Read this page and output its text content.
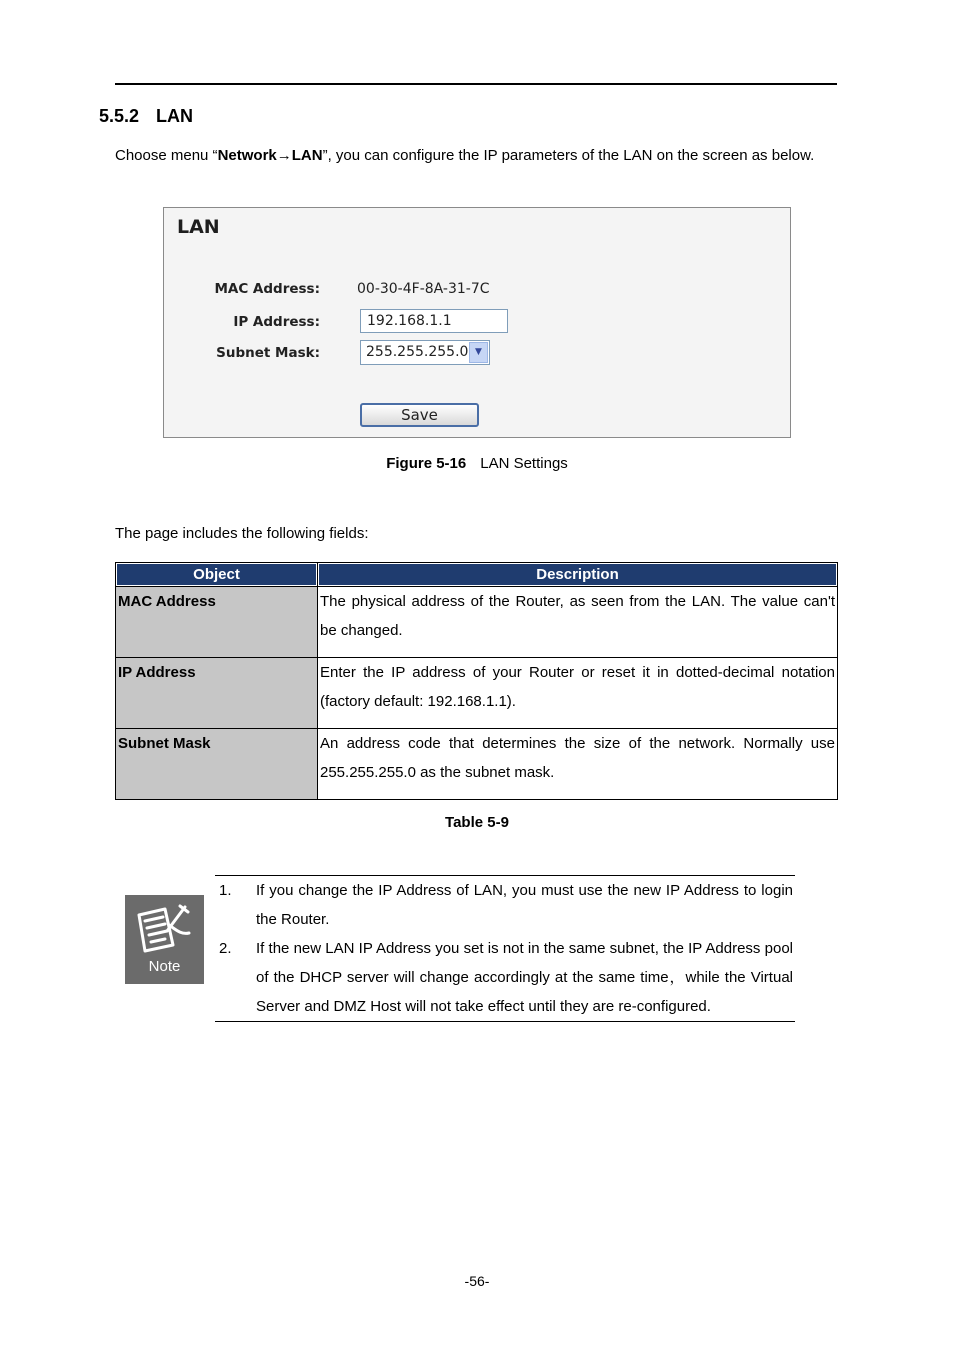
5.5.2 LAN
Choose menu “Network→LAN”, you can configure the IP parameters of the LAN on the screen as below.
LAN
MAC Address:	00-30-4F-8A-31-7C
IP Address:
192.168.1.1
Subnet Mask:	255.255.255.0 ▼
Save
Figure 5-16 LAN Settings
The page includes the following fields:
Object	Description
MAC Address	The physical address of the Router, as seen from the LAN. The value can't be changed.
IP Address	Enter the IP address of your Router or reset it in dotted-decimal notation (factory default: 192.168.1.1).
Subnet Mask	An address code that determines the size of the network. Normally use 255.255.255.0 as the subnet mask.
Table 5-9
Note
1. If you change the IP Address of LAN, you must use the new IP Address to login the Router.
2. If the new LAN IP Address you set is not in the same subnet, the IP Address pool of the DHCP server will change accordingly at the same time，while the Virtual Server and DMZ Host will not take effect until they are re-configured.
-56-
